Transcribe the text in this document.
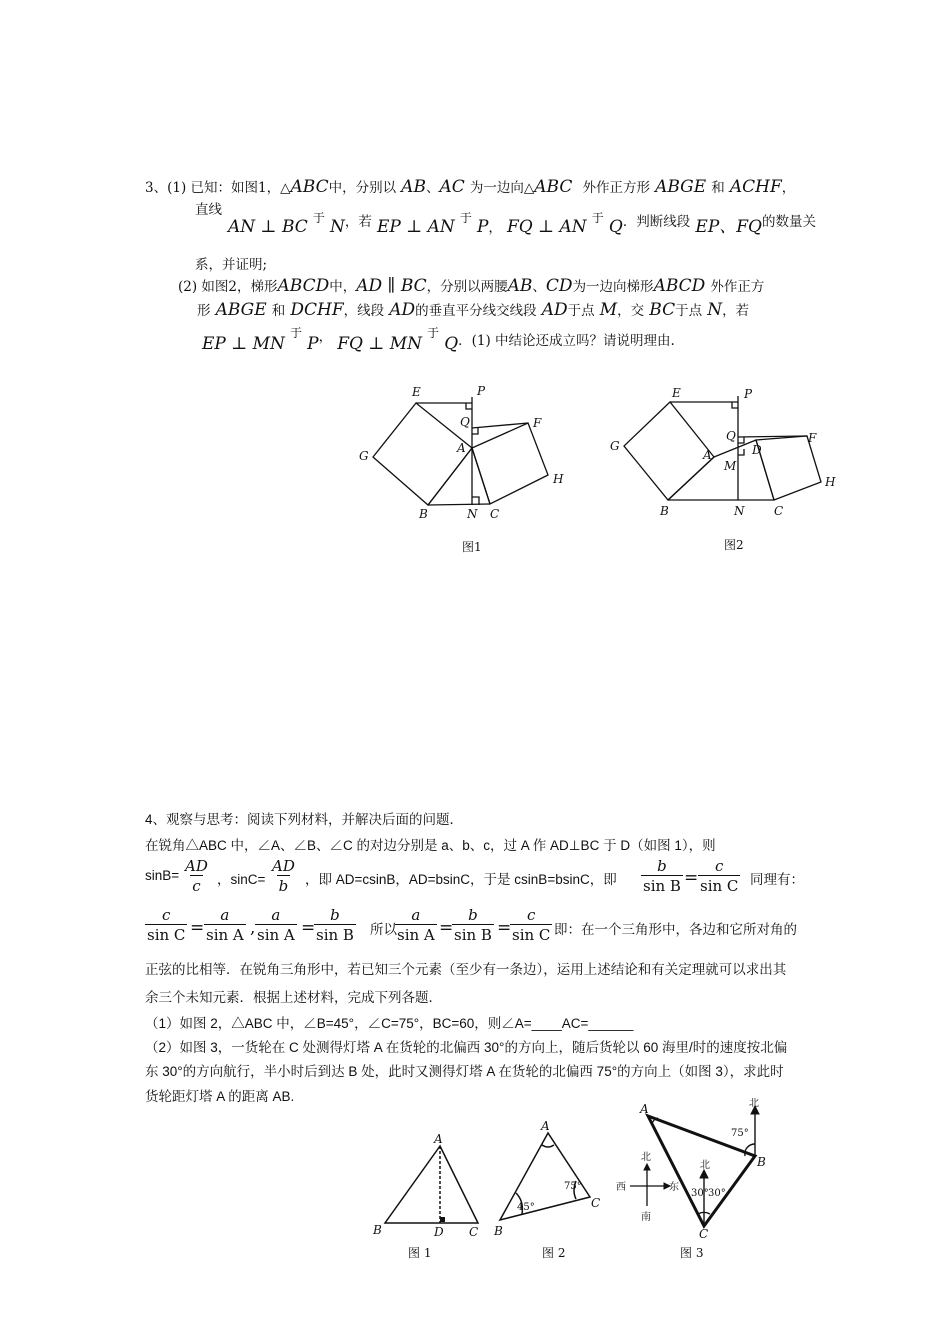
3、(1) 已知：如图1，△ABC中，分别以 AB、AC 为一边向△ABC 外作正方形 ABGE 和 ACHF，
$^{直线}$

AN ⊥ BC $^于$ $N^{,若}$ EP ⊥ AN $^于$ P， FQ ⊥ AN $^于$ $Q^{.判断线段}$ EP、$FQ^{的数量关}$
系，并证明;
(2) 如图2，梯形ABCD中，AD ∥ BC，分别以两腰AB、CD为一边向梯形ABCD 外作正方
形 ABGE 和 DCHF，线段 AD的垂直平分线交线段 AD于点 M，交 BC于点 N，若
EP ⊥ MN $^于$ P， FQ ⊥ MN $^于$ $Q^{.(1) 中结论还成立吗?请说明理由.}$
E	P
Q	F
G
A
H
B	N C
图1
E	P
Q	F
G
A	D
M
H
B	N C
图2
4、观察与思考：阅读下列材料，并解决后面的问题．
在锐角△ABC 中，∠A、∠B、∠C 的对边分别是 a、b、c，过 A 作 AD⊥BC 于 D（如图 1），则
$\sin B= \frac{AD}{c}$ ，$\sin C= \frac{AD}{b}$ ，即 AD=csinB，AD=bsinC，于是 csinB=bsinC，即 $\frac{b}{\text{sin B}} = \frac{c}{\text{sin C}}$ 同理有：
$\frac{c}{\text{sin C}} = \frac{a}{\text{sin A}}$ , $\frac{a}{\text{sin A}}$ =
$\frac{b}{\text{sin B}}$ 所以
$\frac{a}{\text{sin A}}$ =
$\frac{b}{\text{sin B}}$ =
$\frac{c}{\text{sin C}}$ 即：在一个三角形中，各边和它所对角的
正弦的比相等．在锐角三角形中，若已知三个元素（至少有一条边），运用上述结论和有关定理就可以求出其
余三个未知元素．根据上述材料，完成下列各题．
（1）如图 2，△ABC 中，∠B=45°，∠C=75°，BC=60，则∠A=____AC=______
（2）如图 3，一货轮在 C 处测得灯塔 A 在货轮的北偏西 30°的方向上，随后货轮以 60 海里/时的速度按北偏
东 30°的方向航行，半小时后到达 B 处，此时又测得灯塔 A 在货轮的北偏西 75°的方向上（如图 3），求此时
货轮距灯塔 A 的距离 AB.
A
B	D C
图 1
A
B
C
45°
75°
图 2
A
B
C
北
75°
北
北
西	东
南
30° 30°
图 3
